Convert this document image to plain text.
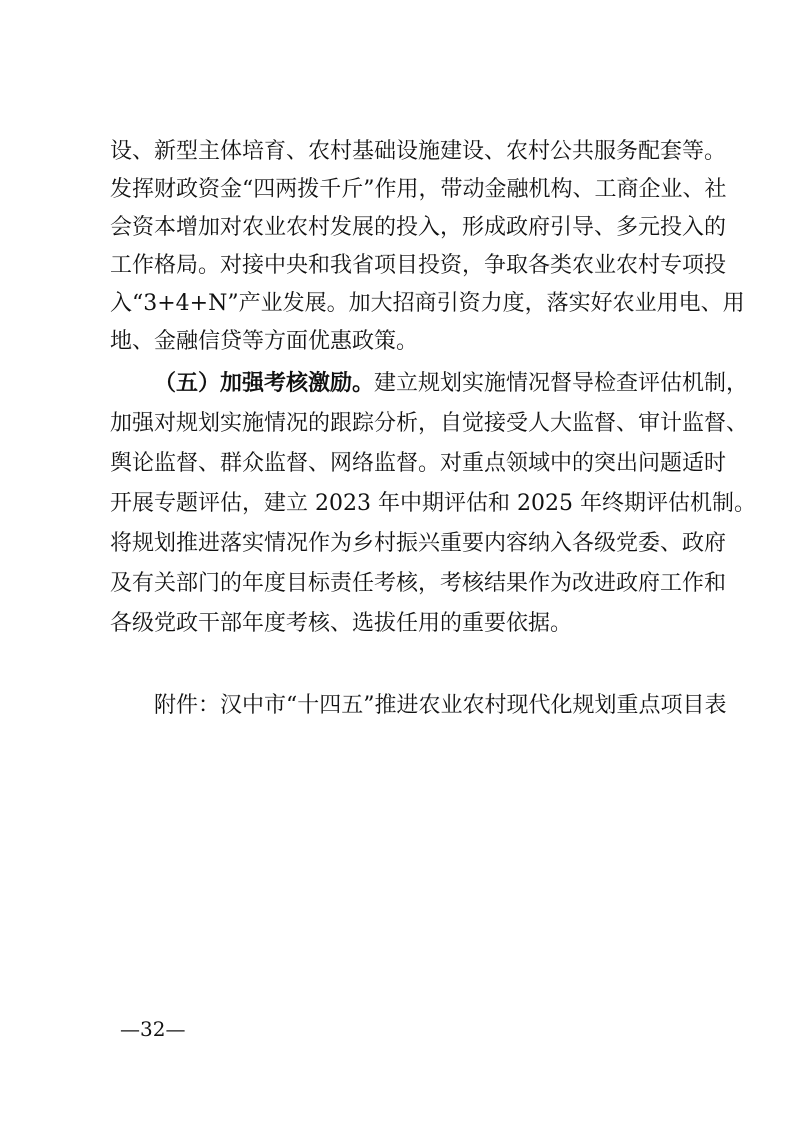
设、新型主体培育、农村基础设施建设、农村公共服务配套等。
发挥财政资金“四两拨千斤”作用，带动金融机构、工商企业、社
会资本增加对农业农村发展的投入，形成政府引导、多元投入的
工作格局。对接中央和我省项目投资，争取各类农业农村专项投
入“3+4+N”产业发展。加大招商引资力度，落实好农业用电、用
地、金融信贷等方面优惠政策。
（五）加强考核激励。建立规划实施情况督导检查评估机制，
加强对规划实施情况的跟踪分析，自觉接受人大监督、审计监督、
舆论监督、群众监督、网络监督。对重点领域中的突出问题适时
开展专题评估，建立 2023 年中期评估和 2025 年终期评估机制。
将规划推进落实情况作为乡村振兴重要内容纳入各级党委、政府
及有关部门的年度目标责任考核，考核结果作为改进政府工作和
各级党政干部年度考核、选拔任用的重要依据。
附件：汉中市“十四五”推进农业农村现代化规划重点项目表
—32—
